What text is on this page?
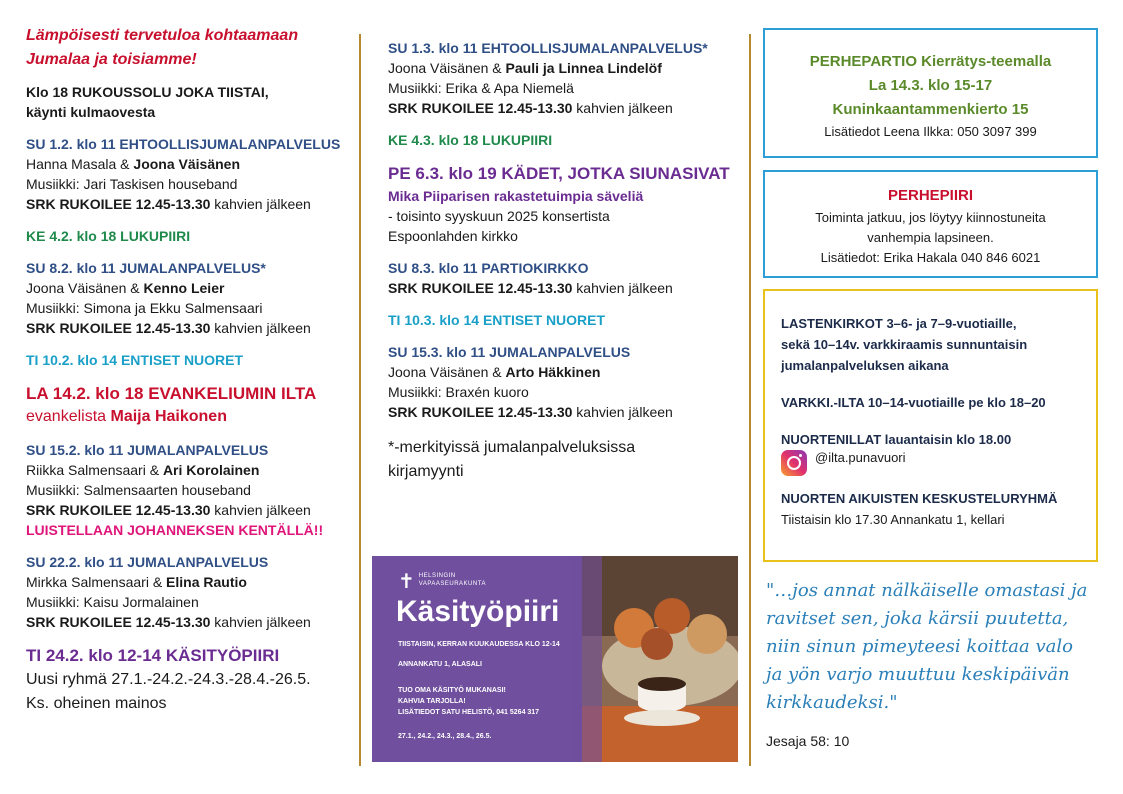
Lämpöisesti tervetuloa kohtaamaan

Jumalaa ja toisiamme!

Klo 18 RUKOUSSOLU JOKA TIISTAI,

käynti kulmaovesta

SU 1.2. klo 11 EHTOOLLISJUMALANPALVELUS

Hanna Masala & Joona Väisänen

Musiikki: Jari Taskisen houseband

SRK RUKOILEE 12.45-13.30 kahvien jälkeen

KE 4.2. klo 18 LUKUPIIRI

SU 8.2. klo 11 JUMALANPALVELUS*

Joona Väisänen & Kenno Leier

Musiikki: Simona ja Ekku Salmensaari

SRK RUKOILEE 12.45-13.30 kahvien jälkeen

TI 10.2. klo 14 ENTISET NUORET

LA 14.2. klo 18 EVANKELIUMIN ILTA

evankelista Maija Haikonen

SU 15.2. klo 11 JUMALANPALVELUS

Riikka Salmensaari & Ari Korolainen

Musiikki: Salmensaarten houseband

SRK RUKOILEE 12.45-13.30 kahvien jälkeen

LUISTELLAAN JOHANNEKSEN KENTÄLLÄ!!

SU 22.2. klo 11 JUMALANPALVELUS

Mirkka Salmensaari & Elina Rautio

Musiikki: Kaisu Jormalainen

SRK RUKOILEE 12.45-13.30 kahvien jälkeen

TI 24.2. klo 12-14 KÄSITYÖPIIRI

Uusi ryhmä 27.1.-24.2.-24.3.-28.4.-26.5.

Ks. oheinen mainos

SU 1.3. klo 11 EHTOOLLISJUMALANPALVELUS*

Joona Väisänen & Pauli ja Linnea Lindelöf

Musiikki: Erika & Apa Niemelä

SRK RUKOILEE 12.45-13.30 kahvien jälkeen

KE 4.3. klo 18 LUKUPIIRI

PE 6.3. klo 19 KÄDET, JOTKA SIUNASIVAT

Mika Piiparisen rakastetuimpia säveliä

- toisinto syyskuun 2025 konsertista

Espoonlahden kirkko

SU 8.3. klo 11 PARTIOKIRKKO

SRK RUKOILEE 12.45-13.30 kahvien jälkeen

TI 10.3. klo 14 ENTISET NUORET

SU 15.3. klo 11 JUMALANPALVELUS

Joona Väisänen & Arto Häkkinen

Musiikki: Braxén kuoro

SRK RUKOILEE 12.45-13.30 kahvien jälkeen

*-merkityissä jumalanpalveluksissa

kirjamyynti

✝ HELSINGIN

VAPAASEURAKUNTA

Käsityöpiiri

TIISTAISIN, KERRAN KUUKAUDESSA KLO 12-14

ANNANKATU 1, ALASALI

TUO OMA KÄSITYÖ MUKANASI!

KAHVIA TARJOLLA!

LISÄTIEDOT SATU HELISTÖ, 041 5264 317

27.1., 24.2., 24.3., 28.4., 26.5.

PERHEPARTIO Kierrätys-teemalla

La 14.3. klo 15-17

Kuninkaantammenkierto 15

Lisätiedot Leena Ilkka: 050 3097 399

PERHEPIIRI

Toiminta jatkuu, jos löytyy kiinnostuneita

vanhempia lapsineen.

Lisätiedot: Erika Hakala 040 846 6021

LASTENKIRKOT 3–6- ja 7–9-vuotiaille,

sekä 10–14v. varkkiraamis sunnuntaisin

jumalanpalveluksen aikana

VARKKI.-ILTA 10–14-vuotiaille pe klo 18–20

NUORTENILLAT lauantaisin klo 18.00

@ilta.punavuori

NUORTEN AIKUISTEN KESKUSTELURYHMÄ

Tiistaisin klo 17.30 Annankatu 1, kellari

"…jos annat nälkäiselle omastasi ja

ravitset sen, joka kärsii puutetta,

niin sinun pimeyteesi koittaa valo

ja yön varjo muuttuu keskipäivän

kirkkaudeksi."

Jesaja 58: 10
